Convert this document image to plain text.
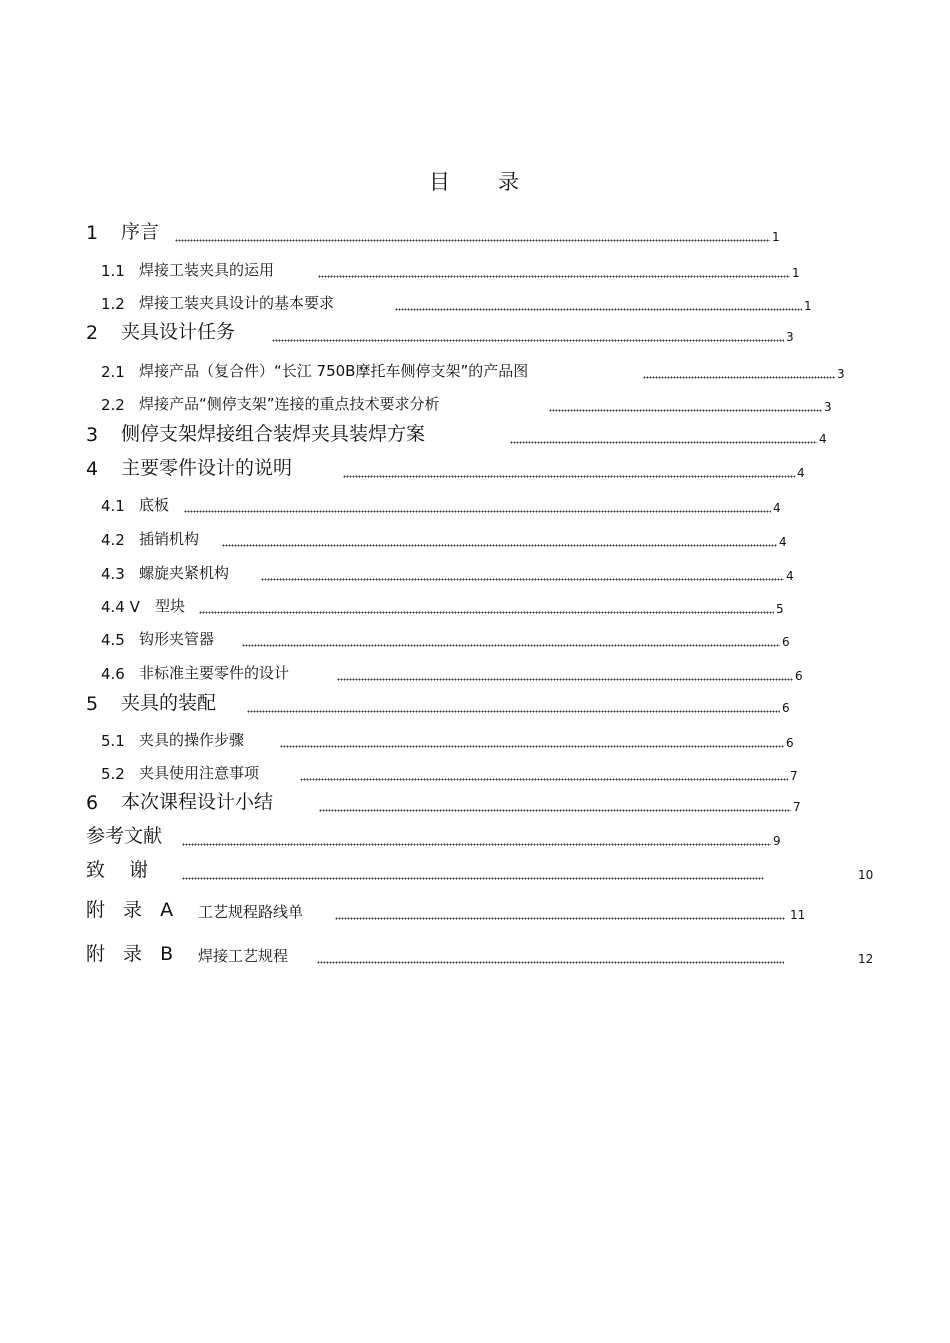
目 录
1 序言	1
1.1 焊接工装夹具的运用	1
1.2 焊接工装夹具设计的基本要求	1
2 夹具设计任务	3
2.1 焊接产品（复合件）“长江 750B摩托车侧停支架”的产品图	3
2.2 焊接产品“侧停支架”连接的重点技术要求分析	3
3 侧停支架焊接组合装焊夹具装焊方案	4
4 主要零件设计的说明	4
4.1 底板	4
4.2 插销机构	4
4.3 螺旋夹紧机构	4
4.4 V 型块	5
4.5 钩形夹管器	6
4.6 非标准主要零件的设计	6
5 夹具的装配	6
5.1 夹具的操作步骤	6
5.2 夹具使用注意事项	7
6 本次课程设计小结	7
参考文献	9
致    谢	10
附 录 A 工艺规程路线单	11
附 录 B 焊接工艺规程	12
